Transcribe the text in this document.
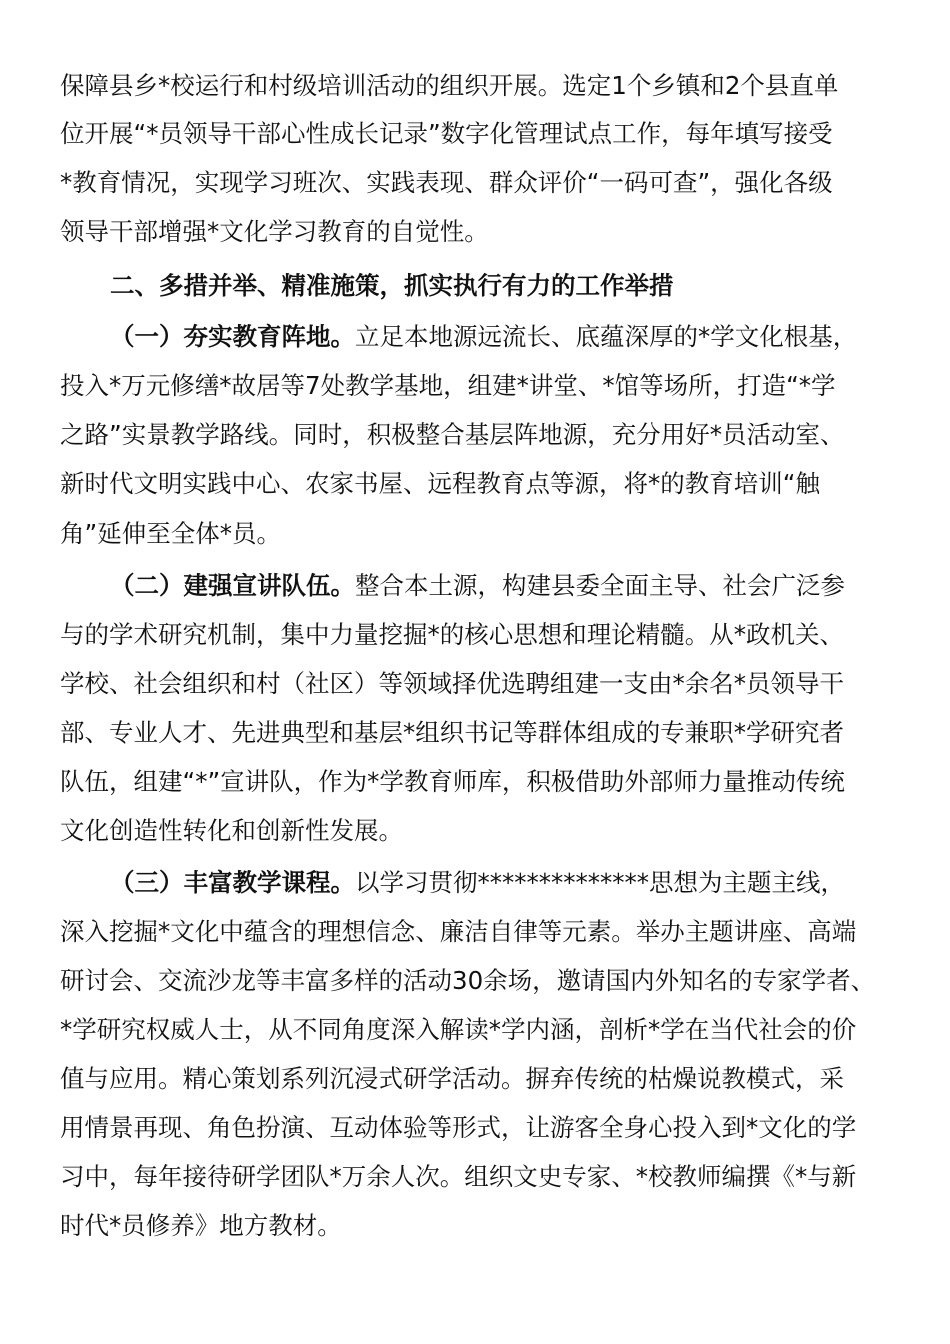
保障县乡*校运行和村级培训活动的组织开展。选定1个乡镇和2个县直单
位开展“*员领导干部心性成长记录”数字化管理试点工作，每年填写接受
*教育情况，实现学习班次、实践表现、群众评价“一码可查”，强化各级
领导干部增强*文化学习教育的自觉性。
二、多措并举、精准施策，抓实执行有力的工作举措
（一）夯实教育阵地。立足本地源远流长、底蕴深厚的*学文化根基，
投入*万元修缮*故居等7处教学基地，组建*讲堂、*馆等场所，打造“*学
之路”实景教学路线。同时，积极整合基层阵地源，充分用好*员活动室、
新时代文明实践中心、农家书屋、远程教育点等源，将*的教育培训“触
角”延伸至全体*员。
（二）建强宣讲队伍。整合本土源，构建县委全面主导、社会广泛参
与的学术研究机制，集中力量挖掘*的核心思想和理论精髓。从*政机关、
学校、社会组织和村（社区）等领域择优选聘组建一支由*余名*员领导干
部、专业人才、先进典型和基层*组织书记等群体组成的专兼职*学研究者
队伍，组建“*”宣讲队，作为*学教育师库，积极借助外部师力量推动传统
文化创造性转化和创新性发展。
（三）丰富教学课程。以学习贯彻**************思想为主题主线，
深入挖掘*文化中蕴含的理想信念、廉洁自律等元素。举办主题讲座、高端
研讨会、交流沙龙等丰富多样的活动30余场，邀请国内外知名的专家学者、
*学研究权威人士，从不同角度深入解读*学内涵，剖析*学在当代社会的价
值与应用。精心策划系列沉浸式研学活动。摒弃传统的枯燥说教模式，采
用情景再现、角色扮演、互动体验等形式，让游客全身心投入到*文化的学
习中，每年接待研学团队*万余人次。组织文史专家、*校教师编撰《*与新
时代*员修养》地方教材。
